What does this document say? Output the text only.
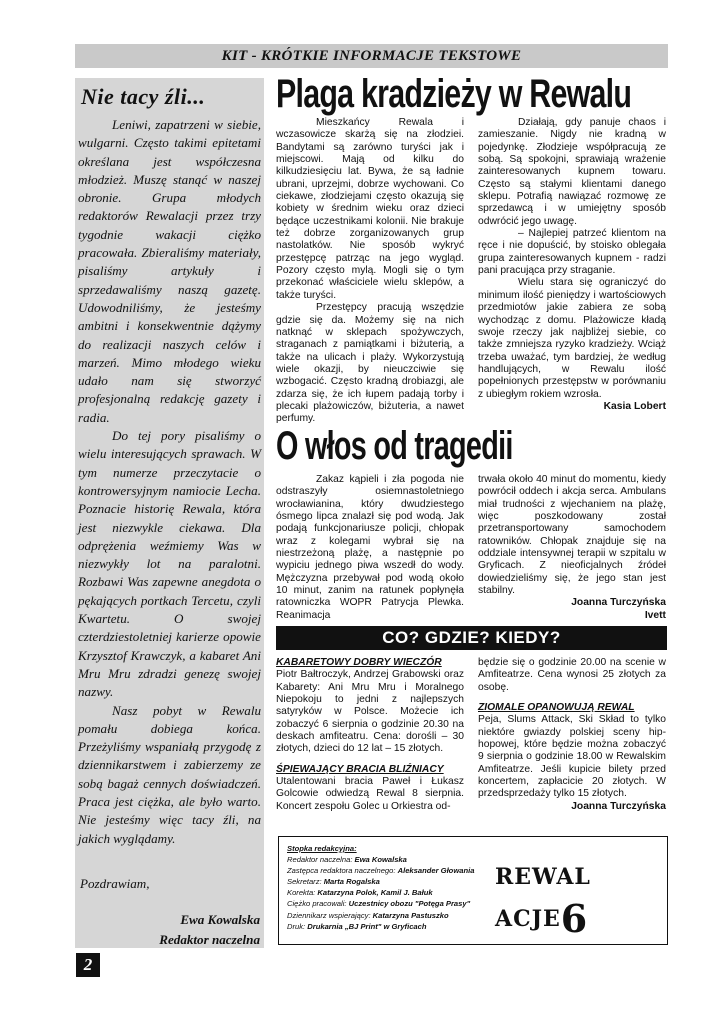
KIT - KRÓTKIE INFORMACJE TEKSTOWE
Nie tacy źli...

Leniwi, zapatrzeni w siebie, wulgarni. Często takimi epitetami określana jest współczesna młodzież. Muszę stanąć w naszej obronie. Grupa młodych redaktorów Rewalacji przez trzy tygodnie wakacji ciężko pracowała. Zbieraliśmy materiały, pisaliśmy artykuły i sprzedawaliśmy naszą gazetę. Udowodniliśmy, że jesteśmy ambitni i konsekwentnie dążymy do realizacji naszych celów i marzeń. Mimo młodego wieku udało nam się stworzyć profesjonalną redakcję gazety i radia.

Do tej pory pisaliśmy o wielu interesujących sprawach. W tym numerze przeczytacie o kontrowersyjnym namiocie Lecha. Poznacie historię Rewala, która jest niezwykle ciekawa. Dla odprężenia weźmiemy Was w niezwykły lot na paralotni. Rozbawi Was zapewne anegdota o pękających portkach Tercetu, czyli Kwartetu. O swojej czterdziestoletniej karierze opowie Krzysztof Krawczyk, a kabaret Ani Mru Mru zdradzi genezę swojej nazwy.

Nasz pobyt w Rewalu pomału dobiega końca. Przeżyliśmy wspaniałą przygodę z dziennikarstwem i zabierzemy ze sobą bagaż cennych doświadczeń. Praca jest ciężka, ale było warto. Nie jesteśmy więc tacy źli, na jakich wyglądamy.

Pozdrawiam,
Ewa Kowalska
Redaktor naczelna
Plaga kradzieży w Rewalu

Mieszkańcy Rewala i wczasowicze skarżą się na złodziei. Bandytami są zarówno turyści jak i miejscowi. Mają od kilku do kilkudziesięciu lat. Bywa, że są ładnie ubrani, uprzejmi, dobrze wychowani. Co ciekawe, złodziejami często okazują się kobiety w średnim wieku oraz dzieci będące uczestnikami kolonii. Nie brakuje też dobrze zorganizowanych grup nastolatków. Nie sposób wykryć przestępcę patrząc na jego wygląd. Pozory często mylą. Mogli się o tym przekonać właściciele wielu sklepów, a także turyści.

Przestępcy pracują wszędzie gdzie się da. Możemy się na nich natknąć w sklepach spożywczych, straganach z pamiątkami i biżuterią, a także na ulicach i plaży. Wykorzystują wiele okazji, by nieuczciwie się wzbogacić. Często kradną drobiazgi, ale zdarza się, że ich łupem padają torby i plecaki plażowiczów, biżuteria, a nawet perfumy.

Działają, gdy panuje chaos i zamieszanie. Nigdy nie kradną w pojedynkę. Złodzieje współpracują ze sobą. Są spokojni, sprawiają wrażenie zainteresowanych kupnem towaru. Często są stałymi klientami danego sklepu. Potrafią nawiązać rozmowę ze sprzedawcą i w umiejętny sposób odwrócić jego uwagę.

– Najlepiej patrzeć klientom na ręce i nie dopuścić, by stoisko oblegała grupa zainteresowanych kupnem - radzi pani pracująca przy straganie.

Wielu stara się ograniczyć do minimum ilość pieniędzy i wartościowych przedmiotów jakie zabiera ze sobą wychodząc z domu. Plażowicze kładą swoje rzeczy jak najbliżej siebie, co także zmniejsza ryzyko kradzieży. Wciąż trzeba uważać, tym bardziej, że według handlujących, w Rewalu ilość popełnionych przestępstw w porównaniu z ubiegłym rokiem wzrosła.

Kasia Lobert

O włos od tragedii

Zakaz kąpieli i zła pogoda nie odstraszyły osiemnastoletniego wrocławianina, który dwudziestego ósmego lipca znalazł się pod wodą. Jak podają funkcjonariusze policji, chłopak wraz z kolegami wybrał się na niestrzeżoną plażę, a następnie po wypiciu jednego piwa wszedł do wody. Mężczyzna przebywał pod wodą około 10 minut, zanim na ratunek popłynęła ratowniczka WOPR Patrycja Plewka. Reanimacja

trwała około 40 minut do momentu, kiedy powrócił oddech i akcja serca. Ambulans miał trudności z wjechaniem na plażę, więc poszkodowany został przetransportowany samochodem ratowników. Chłopak znajduje się na oddziale intensywnej terapii w szpitalu w Gryficach. Z nieoficjalnych źródeł dowiedzieliśmy się, że jego stan jest stabilny.

Joanna Turczyńska

Ivett

CO? GDZIE? KIEDY?

KABARETOWY DOBRY WIECZÓR

Piotr Bałtroczyk, Andrzej Grabowski oraz Kabarety: Ani Mru Mru i Moralnego Niepokoju to jedni z najlepszych satyryków w Polsce. Możecie ich zobaczyć 6 sierpnia o godzinie 20.30 na deskach amfiteatru. Cena: dorośli – 30 złotych, dzieci do 12 lat – 15 złotych.

ŚPIEWAJĄCY BRACIA BLIŹNIACY

Utalentowani bracia Paweł i Łukasz Golcowie odwiedzą Rewal 8 sierpnia. Koncert zespołu Golec u Orkiestra od-

będzie się o godzinie 20.00 na scenie w Amfiteatrze. Cena wynosi 25 złotych za osobę.

ZIOMALE OPANOWUJĄ REWAL

Peja, Slums Attack, Ski Skład to tylko niektóre gwiazdy polskiej sceny hip-hopowej, które będzie można zobaczyć 9 sierpnia o godzinie 18.00 w Rewalskim Amfiteatrze. Jeśli kupicie bilety przed koncertem, zapłacicie 20 złotych. W przedsprzedaży tylko 15 złotych.

Joanna Turczyńska

Stopka redakcyjna:
Redaktor naczelna: Ewa Kowalska
Zastępca redaktora naczelnego: Aleksander Głowania
Sekretarz: Marta Rogalska
Korekta: Katarzyna Polok, Kamil J. Bałuk
Ciężko pracowali: Uczestnicy obozu "Potęga Prasy"
Dziennikarz wspierający: Katarzyna Pastuszko
Druk: Drukarnia „BJ Print" w Gryficach
REWAL ACJE6
2
